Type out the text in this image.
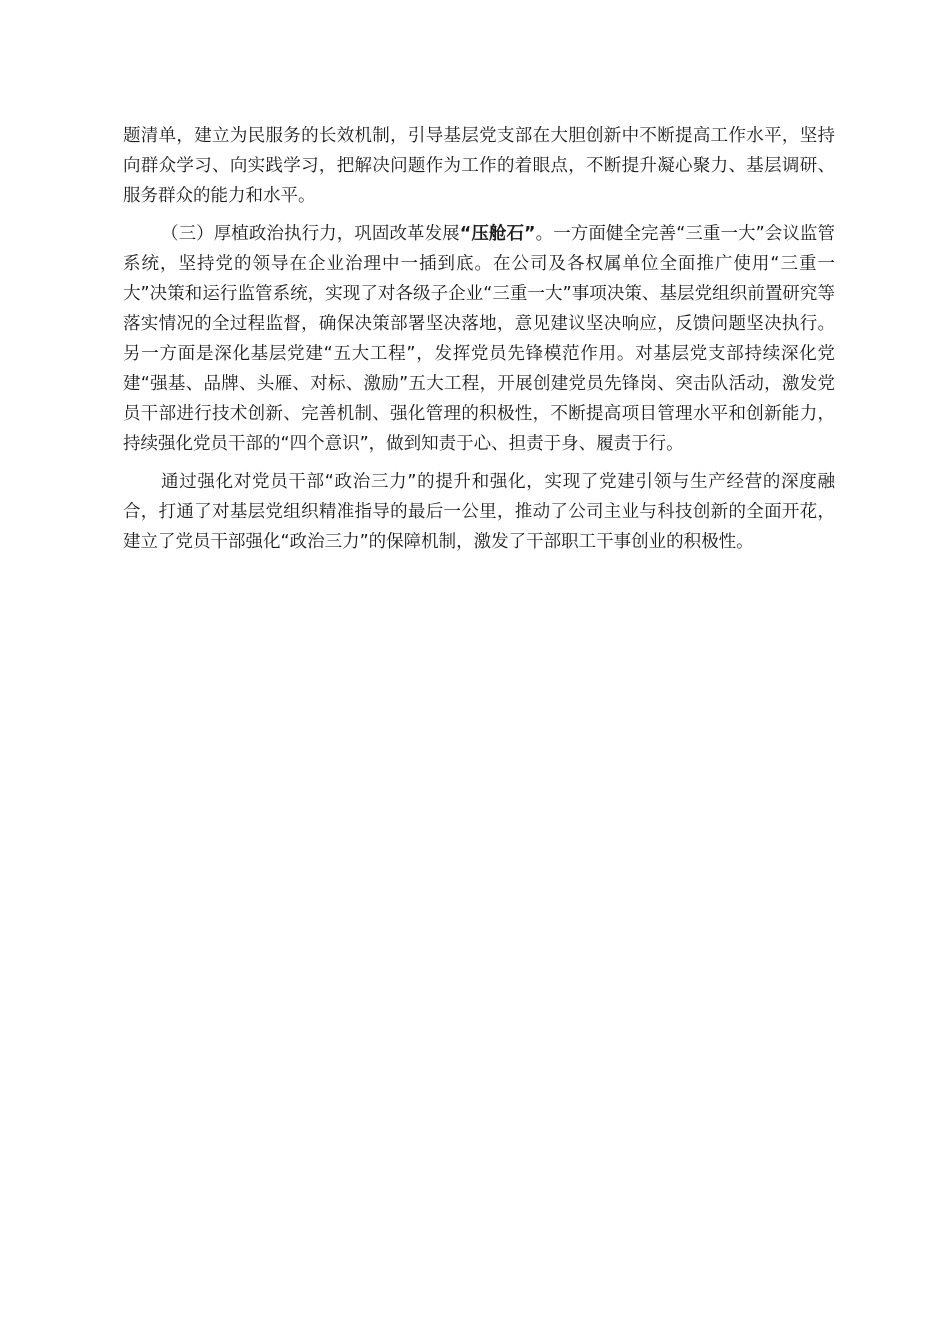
题清单，建立为民服务的长效机制，引导基层党支部在大胆创新中不断提高工作水平，坚持向群众学习、向实践学习，把解决问题作为工作的着眼点，不断提升凝心聚力、基层调研、服务群众的能力和水平。

（三）厚植政治执行力，巩固改革发展“压舱石”。一方面健全完善“三重一大”会议监管系统，坚持党的领导在企业治理中一插到底。在公司及各权属单位全面推广使用“三重一大”决策和运行监管系统，实现了对各级子企业“三重一大”事项决策、基层党组织前置研究等落实情况的全过程监督，确保决策部署坚决落地，意见建议坚决响应，反馈问题坚决执行。另一方面是深化基层党建“五大工程”，发挥党员先锋模范作用。对基层党支部持续深化党建“强基、品牌、头雁、对标、激励”五大工程，开展创建党员先锋岗、突击队活动，激发党员干部进行技术创新、完善机制、强化管理的积极性，不断提高项目管理水平和创新能力，持续强化党员干部的“四个意识”，做到知责于心、担责于身、履责于行。

通过强化对党员干部“政治三力”的提升和强化，实现了党建引领与生产经营的深度融合，打通了对基层党组织精准指导的最后一公里，推动了公司主业与科技创新的全面开花，建立了党员干部强化“政治三力”的保障机制，激发了干部职工干事创业的积极性。
